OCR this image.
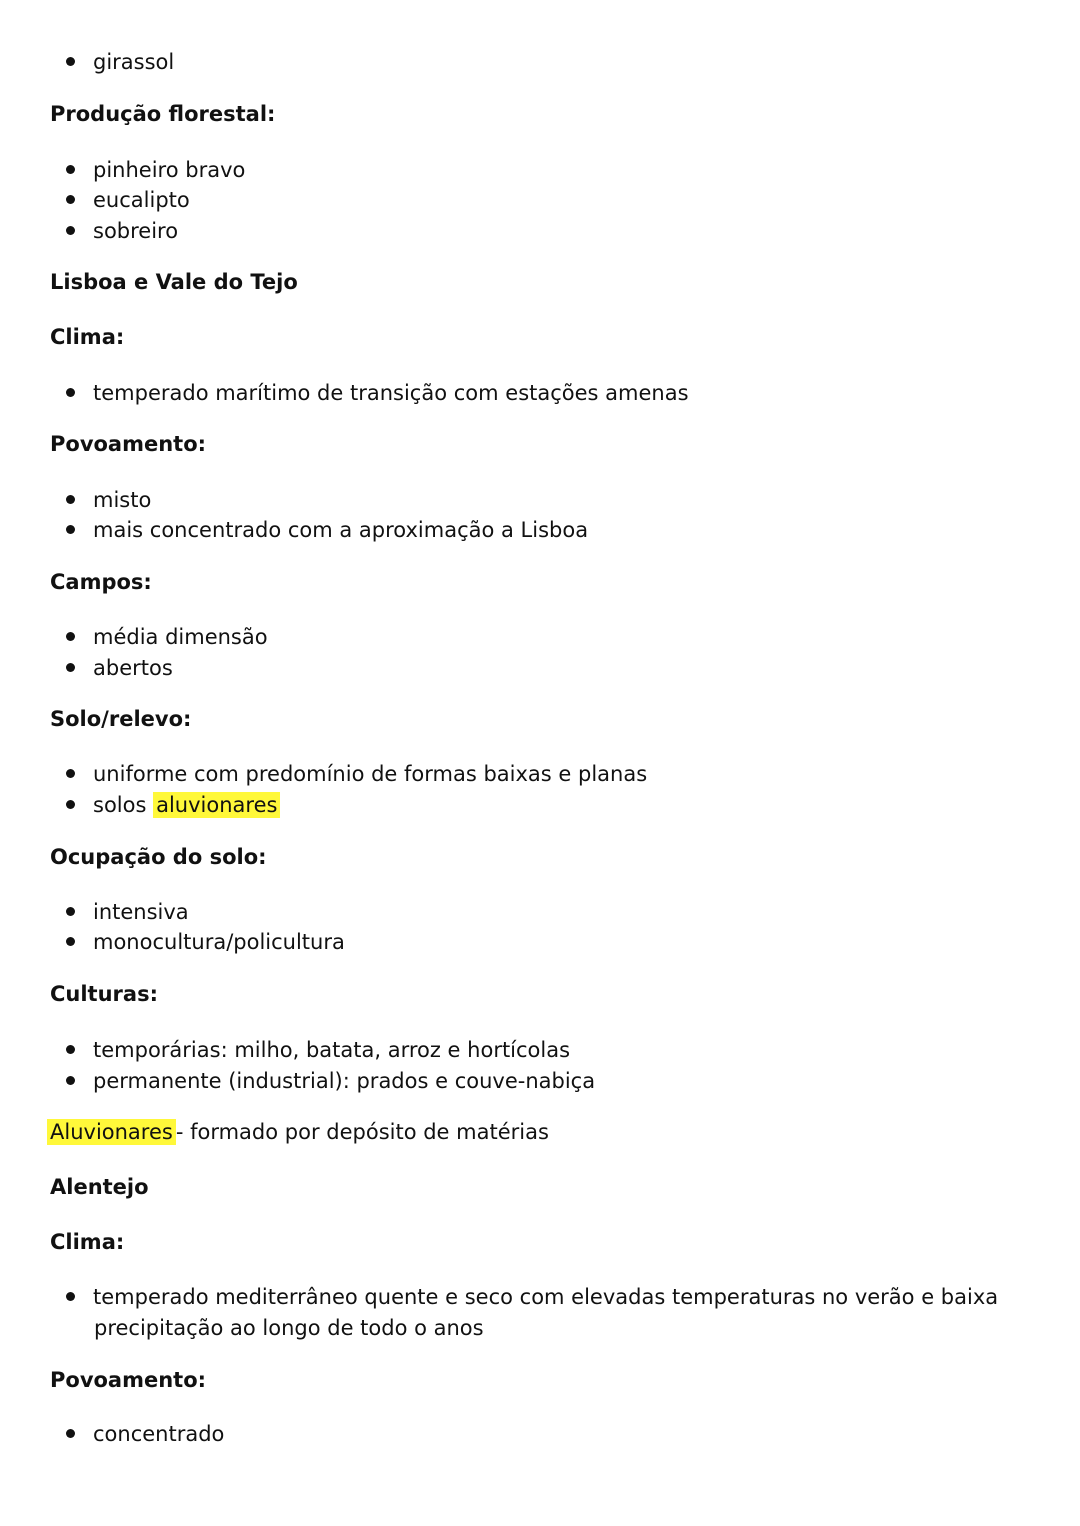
girassol
Produção florestal:
pinheiro bravo
eucalipto
sobreiro
Lisboa e Vale do Tejo
Clima:
temperado marítimo de transição com estações amenas
Povoamento:
misto
mais concentrado com a aproximação a Lisboa
Campos:
média dimensão
abertos
Solo/relevo:
uniforme com predomínio de formas baixas e planas
solos aluvionares
Ocupação do solo:
intensiva
monocultura/policultura
Culturas:
temporárias: milho, batata, arroz e hortícolas
permanente (industrial): prados e couve-nabiça
Aluvionares - formado por depósito de matérias
Alentejo
Clima:
temperado mediterrâneo quente e seco com elevadas temperaturas no verão e baixa
precipitação ao longo de todo o anos
Povoamento:
concentrado
